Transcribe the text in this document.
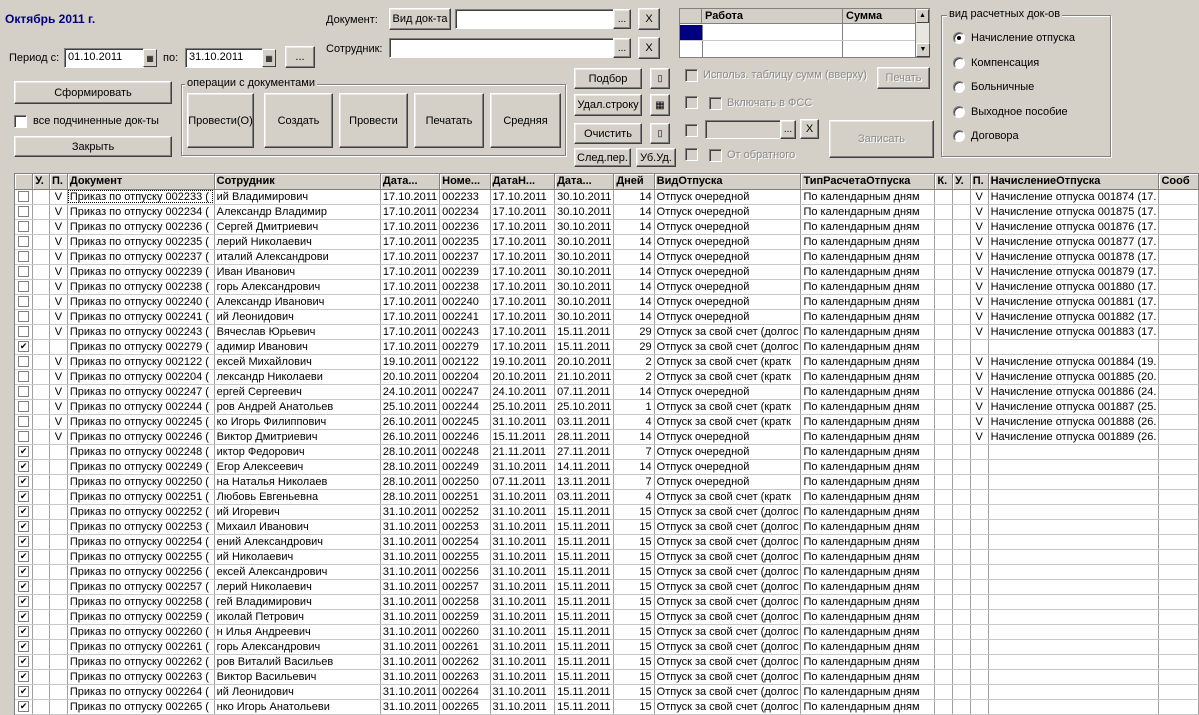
Октябрь 2011 г.
Период с: 01.10.2011	▦ по: 31.10.2011	▦	...
Сформировать
все подчиненные док-ты
Закрыть
Документ:	Вид док-та	...	X
Сотрудник:	...	X
операции с документами
Провести(О)	Создать	Провести	Печатать	Средняя
Подбор	▯
Удал.строку	▦
Очистить	▯
След.пер.	Уб.Уд.
Работа	Сумма	▲
▼
Использ. таблицу сумм (вверху)	Печать
Включать в ФСС
...	X
Записать
От обратного
вид расчетных док-ов
Начисление отпуска
Компенсация
Больничные
Выходное пособие
Договора
	У.	П.	Документ	Сотрудник	Дата...	Номе...	ДатаН...	Дата...	Дней	ВидОтпуска	ТипРасчетаОтпуска	К.	У.	П.	НачислениеОтпуска	Сооб
		V	Приказ по отпуску 002233 (	ий Владимирович	17.10.2011	002233	17.10.2011	30.10.2011	14	Отпуск очередной	По календарным дням			V	Начисление отпуска 001874 (17.	
		V	Приказ по отпуску 002234 (	Александр Владимир	17.10.2011	002234	17.10.2011	30.10.2011	14	Отпуск очередной	По календарным дням			V	Начисление отпуска 001875 (17.	
		V	Приказ по отпуску 002236 (	Сергей Дмитриевич	17.10.2011	002236	17.10.2011	30.10.2011	14	Отпуск очередной	По календарным дням			V	Начисление отпуска 001876 (17.	
		V	Приказ по отпуску 002235 (	лерий Николаевич	17.10.2011	002235	17.10.2011	30.10.2011	14	Отпуск очередной	По календарным дням			V	Начисление отпуска 001877 (17.	
		V	Приказ по отпуску 002237 (	италий Александрови	17.10.2011	002237	17.10.2011	30.10.2011	14	Отпуск очередной	По календарным дням			V	Начисление отпуска 001878 (17.	
		V	Приказ по отпуску 002239 (	Иван Иванович	17.10.2011	002239	17.10.2011	30.10.2011	14	Отпуск очередной	По календарным дням			V	Начисление отпуска 001879 (17.	
		V	Приказ по отпуску 002238 (	горь Александрович	17.10.2011	002238	17.10.2011	30.10.2011	14	Отпуск очередной	По календарным дням			V	Начисление отпуска 001880 (17.	
		V	Приказ по отпуску 002240 (	Александр Иванович	17.10.2011	002240	17.10.2011	30.10.2011	14	Отпуск очередной	По календарным дням			V	Начисление отпуска 001881 (17.	
		V	Приказ по отпуску 002241 (	ий Леонидович	17.10.2011	002241	17.10.2011	30.10.2011	14	Отпуск очередной	По календарным дням			V	Начисление отпуска 001882 (17.	
		V	Приказ по отпуску 002243 (	Вячеслав Юрьевич	17.10.2011	002243	17.10.2011	15.11.2011	29	Отпуск за свой счет (долгос	По календарным дням			V	Начисление отпуска 001883 (17.	
✔			Приказ по отпуску 002279 (	адимир Иванович	17.10.2011	002279	17.10.2011	15.11.2011	29	Отпуск за свой счет (долгос	По календарным дням					
		V	Приказ по отпуску 002122 (	ексей Михайлович	19.10.2011	002122	19.10.2011	20.10.2011	2	Отпуск за свой счет (кратк	По календарным дням			V	Начисление отпуска 001884 (19.	
		V	Приказ по отпуску 002204 (	лександр Николаеви	20.10.2011	002204	20.10.2011	21.10.2011	2	Отпуск за свой счет (кратк	По календарным дням			V	Начисление отпуска 001885 (20.	
		V	Приказ по отпуску 002247 (	ергей Сергеевич	24.10.2011	002247	24.10.2011	07.11.2011	14	Отпуск очередной	По календарным дням			V	Начисление отпуска 001886 (24.	
		V	Приказ по отпуску 002244 (	ров Андрей Анатольев	25.10.2011	002244	25.10.2011	25.10.2011	1	Отпуск за свой счет (кратк	По календарным дням			V	Начисление отпуска 001887 (25.	
		V	Приказ по отпуску 002245 (	ко Игорь Филиппович	26.10.2011	002245	31.10.2011	03.11.2011	4	Отпуск за свой счет (кратк	По календарным дням			V	Начисление отпуска 001888 (26.	
		V	Приказ по отпуску 002246 (	Виктор Дмитриевич	26.10.2011	002246	15.11.2011	28.11.2011	14	Отпуск очередной	По календарным дням			V	Начисление отпуска 001889 (26.	
✔			Приказ по отпуску 002248 (	иктор Федорович	28.10.2011	002248	21.11.2011	27.11.2011	7	Отпуск очередной	По календарным дням					
✔			Приказ по отпуску 002249 (	Егор Алексеевич	28.10.2011	002249	31.10.2011	14.11.2011	14	Отпуск очередной	По календарным дням					
✔			Приказ по отпуску 002250 (	на Наталья Николаев	28.10.2011	002250	07.11.2011	13.11.2011	7	Отпуск очередной	По календарным дням					
✔			Приказ по отпуску 002251 (	Любовь Евгеньевна	28.10.2011	002251	31.10.2011	03.11.2011	4	Отпуск за свой счет (кратк	По календарным дням					
✔			Приказ по отпуску 002252 (	ий Игоревич	31.10.2011	002252	31.10.2011	15.11.2011	15	Отпуск за свой счет (долгос	По календарным дням					
✔			Приказ по отпуску 002253 (	Михаил Иванович	31.10.2011	002253	31.10.2011	15.11.2011	15	Отпуск за свой счет (долгос	По календарным дням					
✔			Приказ по отпуску 002254 (	ений Александрович	31.10.2011	002254	31.10.2011	15.11.2011	15	Отпуск за свой счет (долгос	По календарным дням					
✔			Приказ по отпуску 002255 (	ий Николаевич	31.10.2011	002255	31.10.2011	15.11.2011	15	Отпуск за свой счет (долгос	По календарным дням					
✔			Приказ по отпуску 002256 (	ексей Александрович	31.10.2011	002256	31.10.2011	15.11.2011	15	Отпуск за свой счет (долгос	По календарным дням					
✔			Приказ по отпуску 002257 (	лерий Николаевич	31.10.2011	002257	31.10.2011	15.11.2011	15	Отпуск за свой счет (долгос	По календарным дням					
✔			Приказ по отпуску 002258 (	гей Владимирович	31.10.2011	002258	31.10.2011	15.11.2011	15	Отпуск за свой счет (долгос	По календарным дням					
✔			Приказ по отпуску 002259 (	иколай Петрович	31.10.2011	002259	31.10.2011	15.11.2011	15	Отпуск за свой счет (долгос	По календарным дням					
✔			Приказ по отпуску 002260 (	н Илья Андреевич	31.10.2011	002260	31.10.2011	15.11.2011	15	Отпуск за свой счет (долгос	По календарным дням					
✔			Приказ по отпуску 002261 (	горь Александрович	31.10.2011	002261	31.10.2011	15.11.2011	15	Отпуск за свой счет (долгос	По календарным дням					
✔			Приказ по отпуску 002262 (	ров Виталий Васильев	31.10.2011	002262	31.10.2011	15.11.2011	15	Отпуск за свой счет (долгос	По календарным дням					
✔			Приказ по отпуску 002263 (	Виктор Васильевич	31.10.2011	002263	31.10.2011	15.11.2011	15	Отпуск за свой счет (долгос	По календарным дням					
✔			Приказ по отпуску 002264 (	ий Леонидович	31.10.2011	002264	31.10.2011	15.11.2011	15	Отпуск за свой счет (долгос	По календарным дням					
✔			Приказ по отпуску 002265 (	нко Игорь Анатольеви	31.10.2011	002265	31.10.2011	15.11.2011	15	Отпуск за свой счет (долгос	По календарным дням					
